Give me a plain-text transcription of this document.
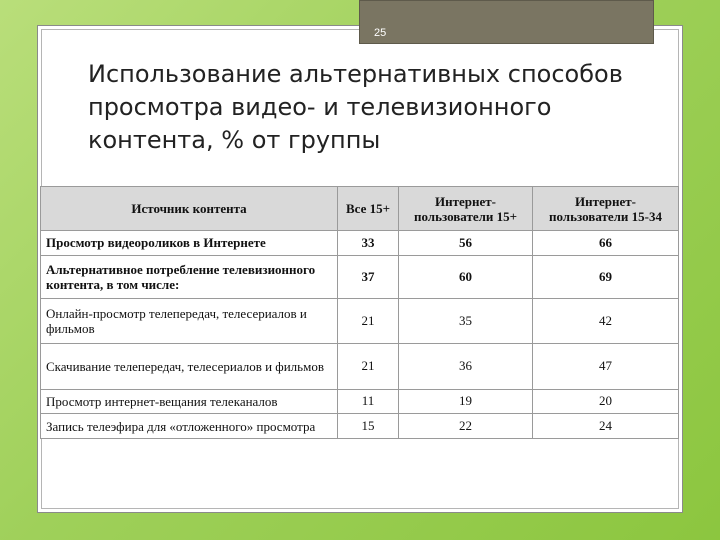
25
Использование альтернативных способов просмотра видео- и телевизионного контента, % от группы
Источник контента	Все 15+	Интернет-пользователи 15+	Интернет-пользователи 15-34
Просмотр видеороликов в Интернете	33	56	66
Альтернативное потребление телевизионного контента, в том числе:	37	60	69
Онлайн-просмотр телепередач, телесериалов и фильмов	21	35	42
Скачивание телепередач, телесериалов и фильмов	21	36	47
Просмотр интернет-вещания телеканалов	11	19	20
Запись телеэфира для «отложенного» просмотра	15	22	24
